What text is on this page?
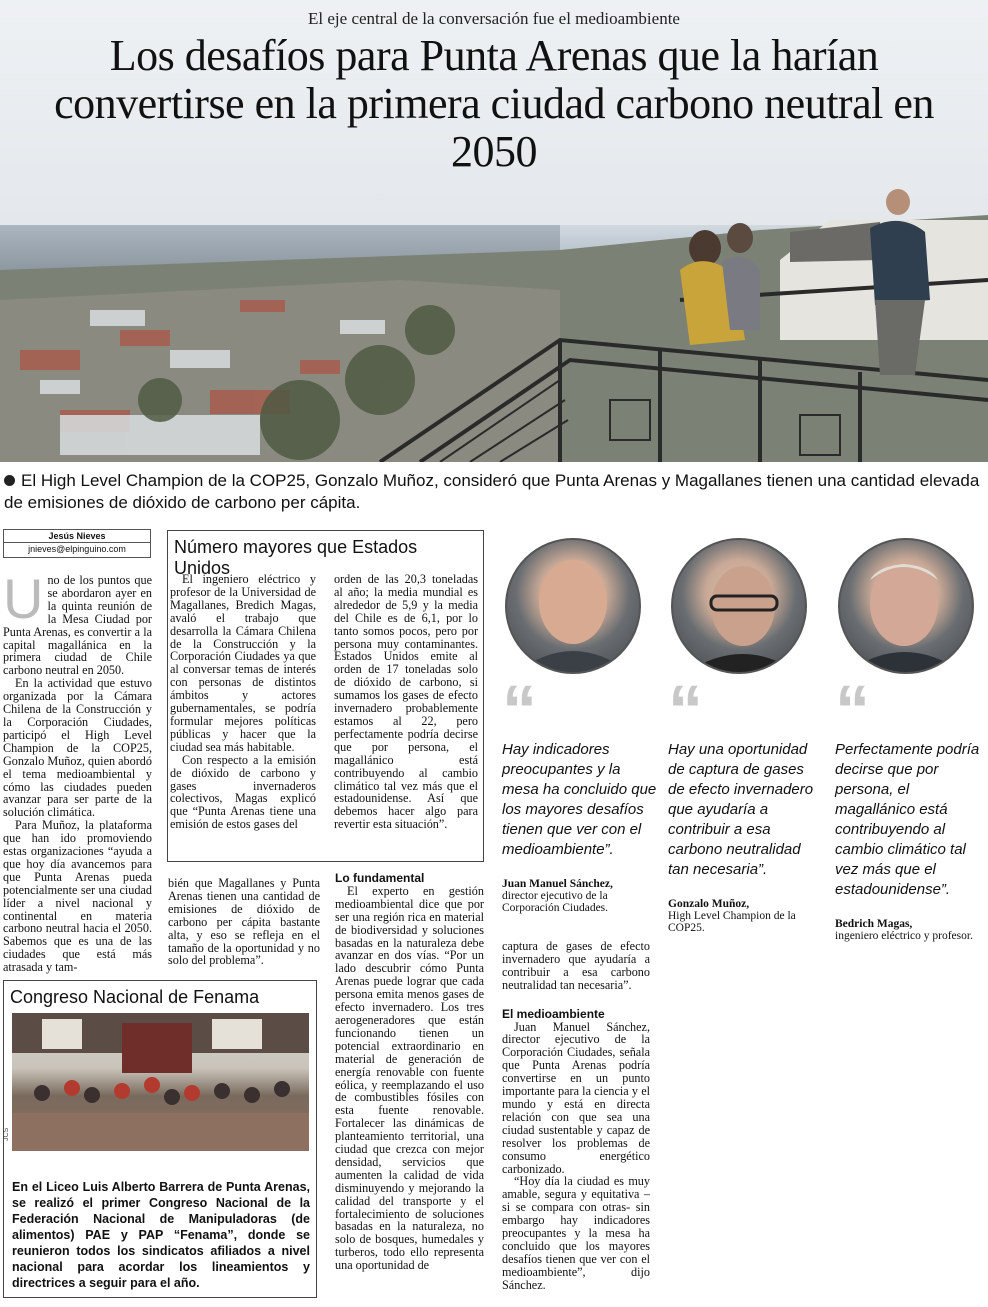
El eje central de la conversación fue el medioambiente
Los desafíos para Punta Arenas que la harían convertirse en la primera ciudad carbono neutral en 2050
El High Level Champion de la COP25, Gonzalo Muñoz, consideró que Punta Arenas y Magallanes tienen una cantidad elevada de emisiones de dióxido de carbono per cápita.
Jesús Nieves
jnieves@elpinguino.com
U no de los puntos que se abordaron ayer en la quinta reunión de la Mesa Ciudad por Punta Arenas, es convertir a la capital magallánica en la primera ciudad de Chile carbono neutral en 2050.

En la actividad que estuvo organizada por la Cámara Chilena de la Construcción y la Corporación Ciudades, participó el High Level Champion de la COP25, Gonzalo Muñoz, quien abordó el tema medioambiental y cómo las ciudades pueden avanzar para ser parte de la solución climática.

Para Muñoz, la plataforma que han ido promoviendo estas organizaciones “ayuda a que hoy día avancemos para que Punta Arenas pueda potencialmente ser una ciudad líder a nivel nacional y continental en materia carbono neutral hacia el 2050. Sabemos que es una de las ciudades que está más atrasada y tam-

Número mayores que Estados Unidos

El ingeniero eléctrico y profesor de la Universidad de Magallanes, Bredich Magas, avaló el trabajo que desarrolla la Cámara Chilena de la Construcción y la Corporación Ciudades ya que al conversar temas de interés con personas de distintos ámbitos y actores gubernamentales, se podría formular mejores políticas públicas y hacer que la ciudad sea más habitable.

Con respecto a la emisión de dióxido de carbono y gases invernaderos colectivos, Magas explicó que “Punta Arenas tiene una emisión de estos gases del

orden de las 20,3 toneladas al año; la media mundial es alrededor de 5,9 y la media del Chile es de 6,1, por lo tanto somos pocos, pero por persona muy contaminantes. Estados Unidos emite al orden de 17 toneladas solo de dióxido de carbono, si sumamos los gases de efecto invernadero probablemente estamos al 22, pero perfectamente podría decirse que por persona, el magallánico está contribuyendo al cambio climático tal vez más que el estadounidense. Así que debemos hacer algo para revertir esta situación”.

bién que Magallanes y Punta Arenas tienen una cantidad de emisiones de dióxido de carbono per cápita bastante alta, y eso se refleja en el tamaño de la oportunidad y no solo del problema”.

Lo fundamental

El experto en gestión medioambiental dice que por ser una región rica en material de biodiversidad y soluciones basadas en la naturaleza debe avanzar en dos vías. “Por un lado descubrir cómo Punta Arenas puede lograr que cada persona emita menos gases de efecto invernadero. Los tres aerogeneradores que están funcionando tienen un potencial extraordinario en material de generación de energía renovable con fuente eólica, y reemplazando el uso de combustibles fósiles con esta fuente renovable. Fortalecer las dinámicas de planteamiento territorial, una ciudad que crezca con mejor densidad, servicios que aumenten la calidad de vida disminuyendo y mejorando la calidad del transporte y el fortalecimiento de soluciones basadas en la naturaleza, no solo de bosques, humedales y turberos, todo ello representa una oportunidad de

captura de gases de efecto invernadero que ayudaría a contribuir a esa carbono neutralidad tan necesaria”.

El medioambiente

Juan Manuel Sánchez, director ejecutivo de la Corporación Ciudades, señala que Punta Arenas podría convertirse en un punto importante para la ciencia y el mundo y está en directa relación con que sea una ciudad sustentable y capaz de resolver los problemas de consumo energético carbonizado.

“Hoy día la ciudad es muy amable, segura y equitativa –si se compara con otras- sin embargo hay indicadores preocupantes y la mesa ha concluido que los mayores desafíos tienen que ver con el medioambiente”, dijo Sánchez.

“
Hay indicadores preocupantes y la mesa ha concluido que los mayores desafíos tienen que ver con el medioambiente”.
Juan Manuel Sánchez,
director ejecutivo de la Corporación Ciudades.
“
Hay una oportunidad de captura de gases de efecto invernadero que ayudaría a contribuir a esa carbono neutralidad tan necesaria”.
Gonzalo Muñoz,
High Level Champion de la COP25.
“
Perfectamente podría decirse que por persona, el magallánico está contribuyendo al cambio climático tal vez más que el estadounidense”.
Bedrich Magas,
ingeniero eléctrico y profesor.
Congreso Nacional de Fenama
JCS
En el Liceo Luis Alberto Barrera de Punta Arenas, se realizó el primer Congreso Nacional de la Federación Nacional de Manipuladoras (de alimentos) PAE y PAP “Fenama”, donde se reunieron todos los sindicatos afiliados a nivel nacional para acordar los lineamientos y directrices a seguir para el año.
